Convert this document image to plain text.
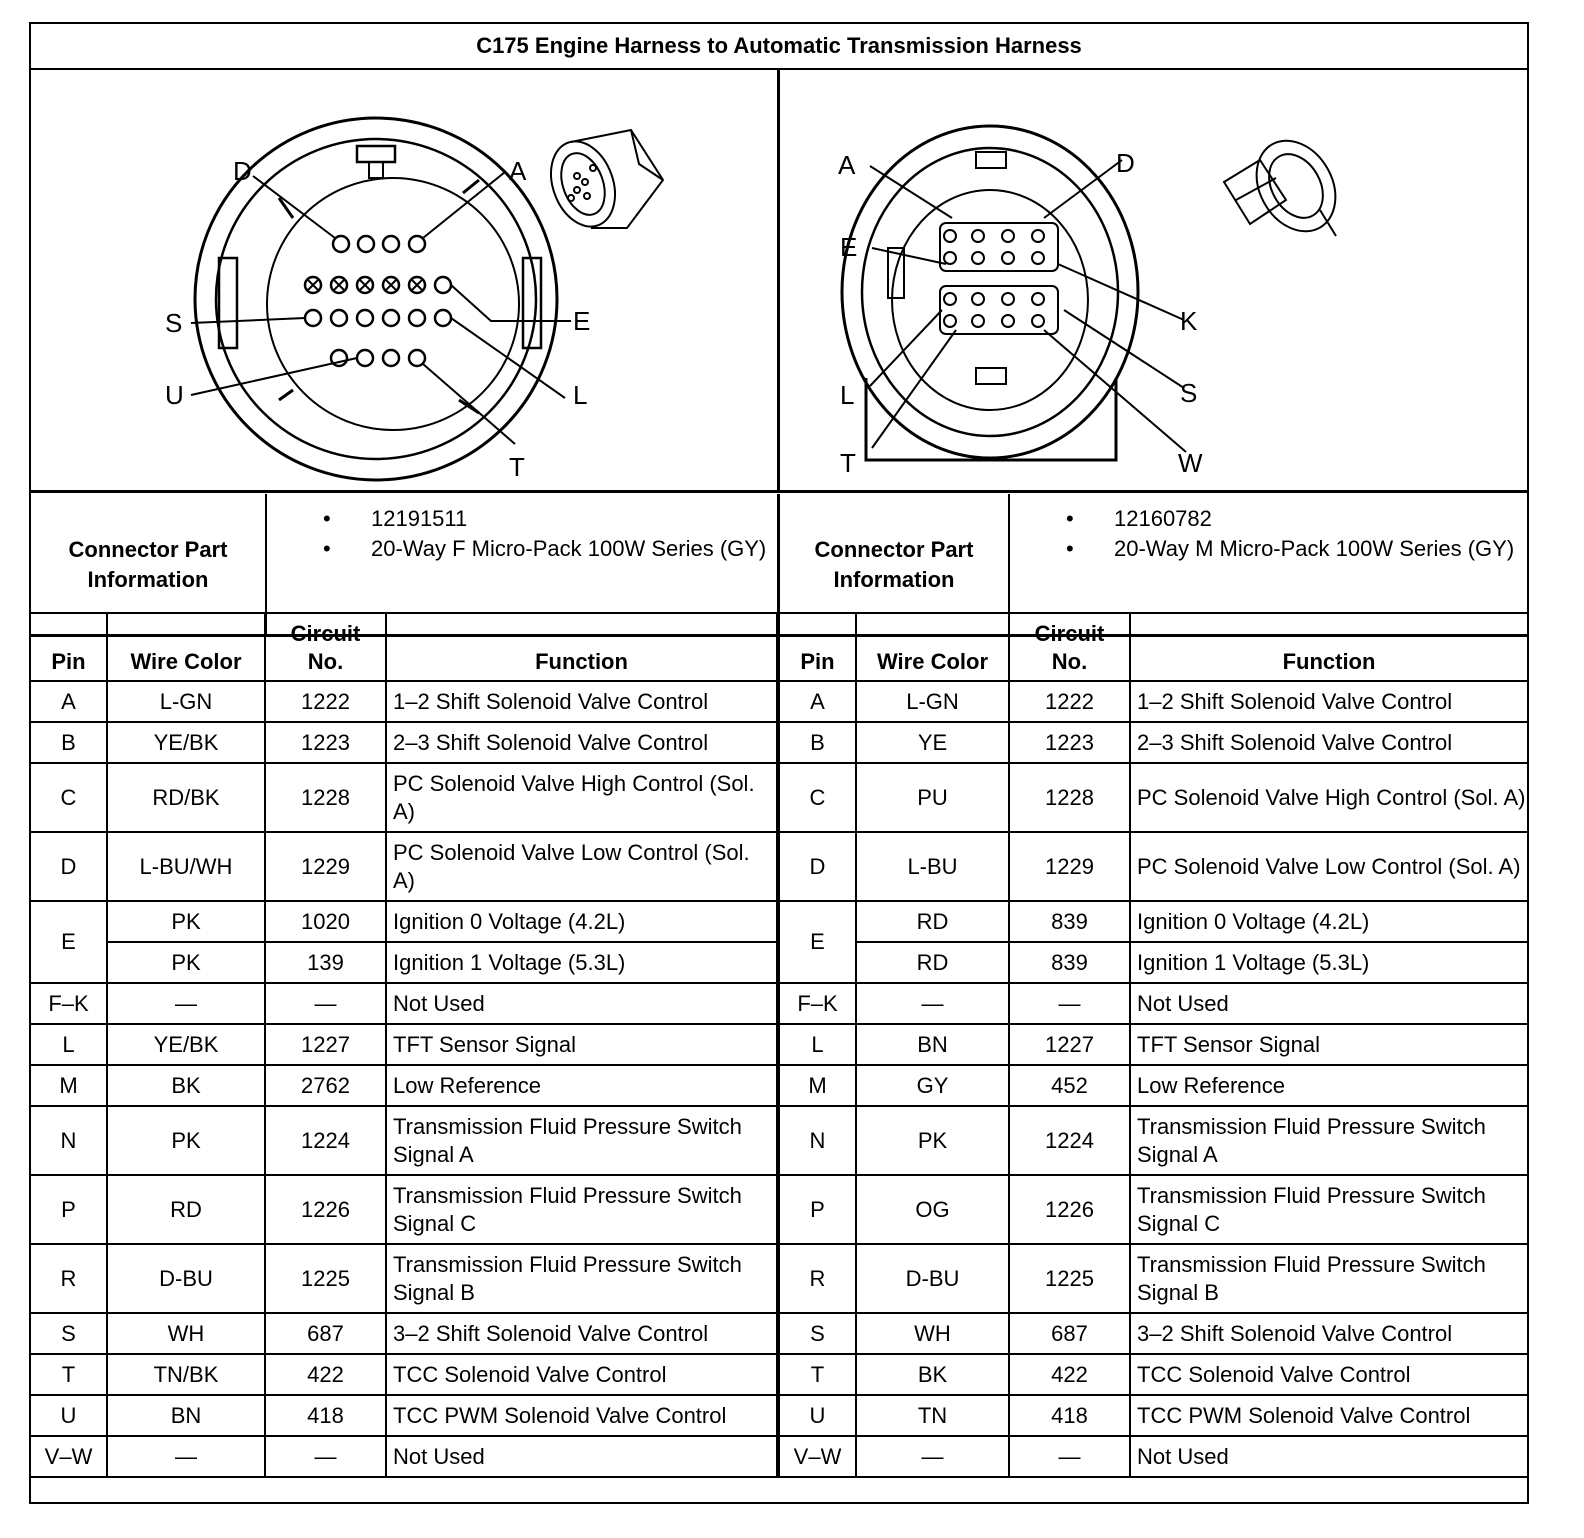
C175 Engine Harness to Automatic Transmission Harness
D	A
S	E
U	L
T
A	D
E
K
L	S
T	W
Connector Part
Information
• 12191511
• 20-Way F Micro-Pack 100W Series (GY)	Connector Part
Information
• 12160782
• 20-Way M Micro-Pack 100W Series (GY)
Pin	Wire Color	Circuit
No.	Function
A	L-GN	1222	1–2 Shift Solenoid Valve Control
B	YE/BK	1223	2–3 Shift Solenoid Valve Control
C	RD/BK	1228	PC Solenoid Valve High Control (Sol. A)
D	L-BU/WH	1229	PC Solenoid Valve Low Control (Sol. A)
E	PK	1020	Ignition 0 Voltage (4.2L)
	PK	139	Ignition 1 Voltage (5.3L)
F–K	—	—	Not Used
L	YE/BK	1227	TFT Sensor Signal
M	BK	2762	Low Reference
N	PK	1224	Transmission Fluid Pressure Switch Signal A
P	RD	1226	Transmission Fluid Pressure Switch Signal C
R	D-BU	1225	Transmission Fluid Pressure Switch Signal B
S	WH	687	3–2 Shift Solenoid Valve Control
T	TN/BK	422	TCC Solenoid Valve Control
U	BN	418	TCC PWM Solenoid Valve Control
V–W	—	—	Not Used
Pin	Wire Color	Circuit
No.	Function
A	L-GN	1222	1–2 Shift Solenoid Valve Control
B	YE	1223	2–3 Shift Solenoid Valve Control
C	PU	1228	PC Solenoid Valve High Control (Sol. A)
D	L-BU	1229	PC Solenoid Valve Low Control (Sol. A)
E	RD	839	Ignition 0 Voltage (4.2L)
	RD	839	Ignition 1 Voltage (5.3L)
F–K	—	—	Not Used
L	BN	1227	TFT Sensor Signal
M	GY	452	Low Reference
N	PK	1224	Transmission Fluid Pressure Switch Signal A
P	OG	1226	Transmission Fluid Pressure Switch Signal C
R	D-BU	1225	Transmission Fluid Pressure Switch Signal B
S	WH	687	3–2 Shift Solenoid Valve Control
T	BK	422	TCC Solenoid Valve Control
U	TN	418	TCC PWM Solenoid Valve Control
V–W	—	—	Not Used
